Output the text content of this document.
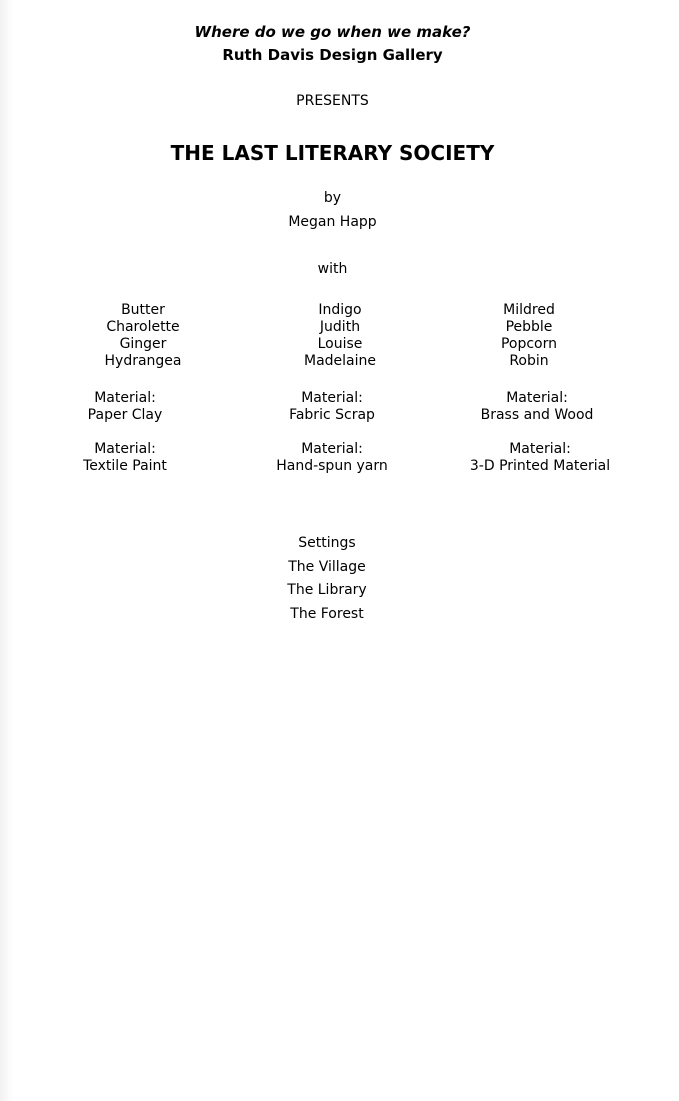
Where do we go when we make?
Ruth Davis Design Gallery
PRESENTS
THE LAST LITERARY SOCIETY
by
Megan Happ
with
Butter
Charolette
Ginger
Hydrangea
Indigo
Judith
Louise
Madelaine
Mildred
Pebble
Popcorn
Robin
Material:
Paper Clay
Material:
Fabric Scrap
Material:
Brass and Wood
Material:
Textile Paint
Material:
Hand-spun yarn
Material:
3-D Printed Material
Settings
The Village
The Library
The Forest
